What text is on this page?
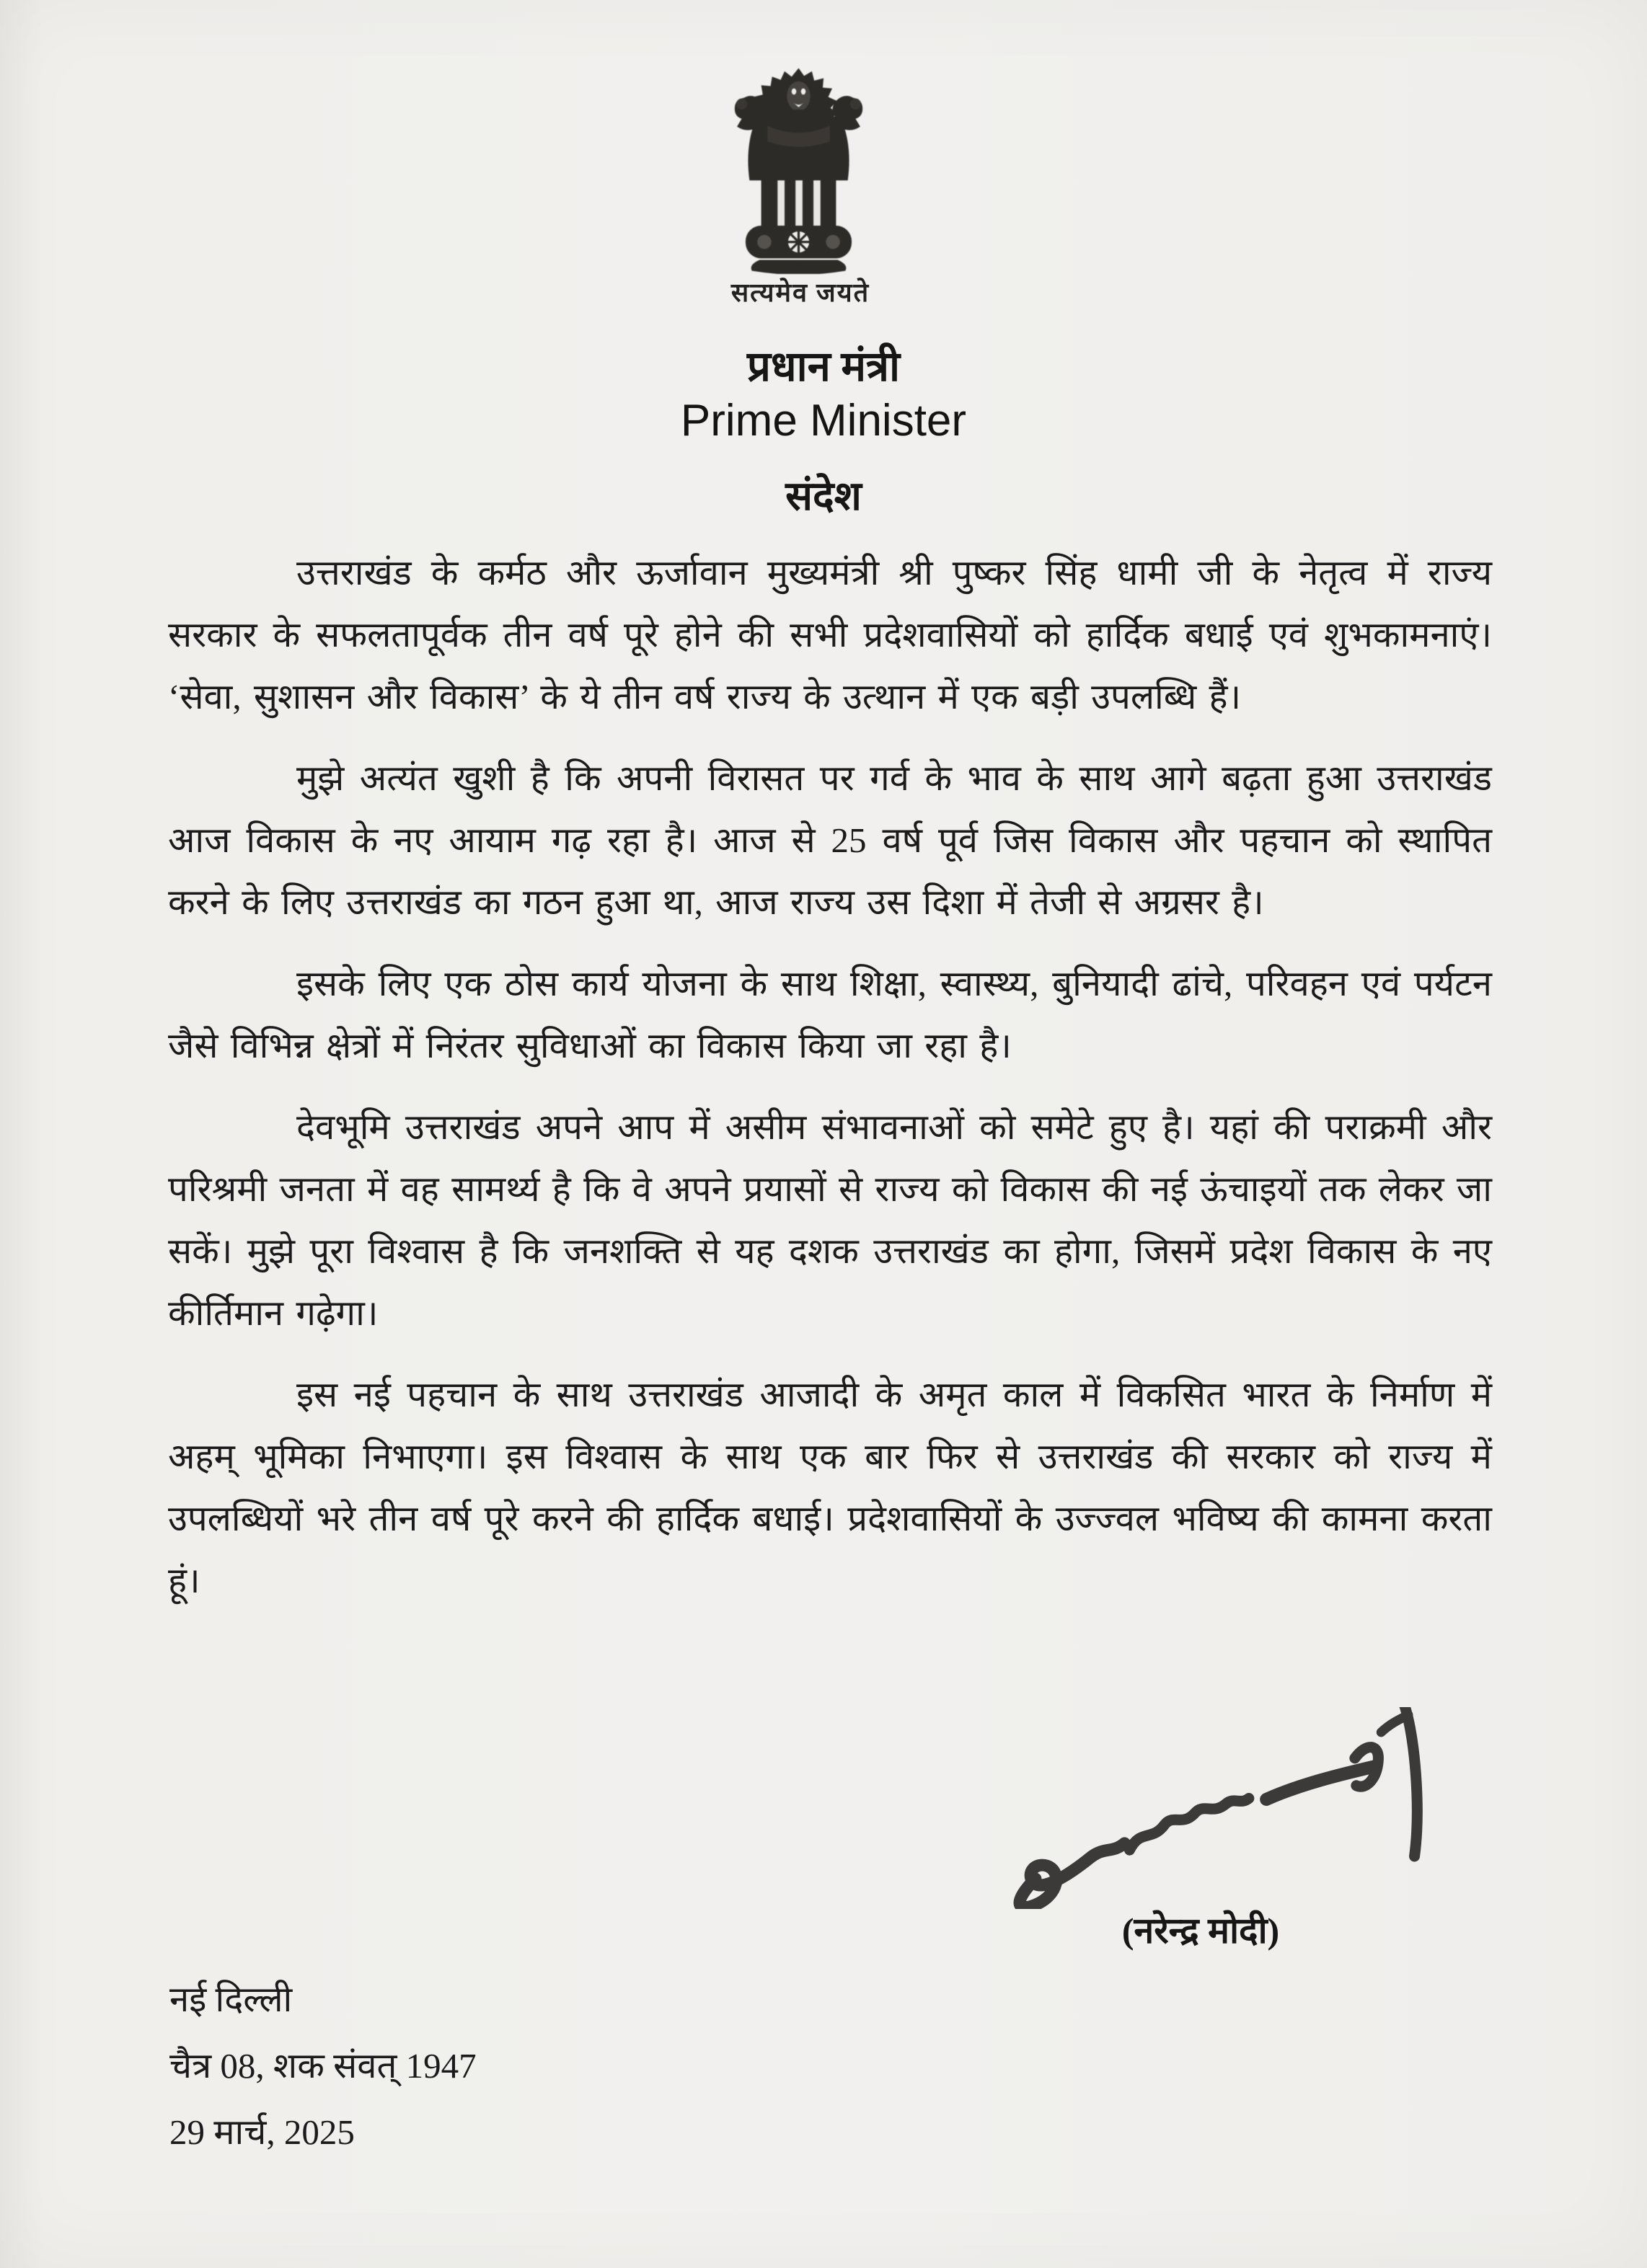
सत्यमेव जयते
प्रधान मंत्री
Prime Minister
संदेश

उत्तराखंड के कर्मठ और ऊर्जावान मुख्यमंत्री श्री पुष्कर सिंह धामी जी के नेतृत्व में राज्य सरकार के सफलतापूर्वक तीन वर्ष पूरे होने की सभी प्रदेशवासियों को हार्दिक बधाई एवं शुभकामनाएं। ‘सेवा, सुशासन और विकास’ के ये तीन वर्ष राज्य के उत्थान में एक बड़ी उपलब्धि हैं।

मुझे अत्यंत खुशी है कि अपनी विरासत पर गर्व के भाव के साथ आगे बढ़ता हुआ उत्तराखंड आज विकास के नए आयाम गढ़ रहा है। आज से 25 वर्ष पूर्व जिस विकास और पहचान को स्थापित करने के लिए उत्तराखंड का गठन हुआ था, आज राज्य उस दिशा में तेजी से अग्रसर है।

इसके लिए एक ठोस कार्य योजना के साथ शिक्षा, स्वास्थ्य, बुनियादी ढांचे, परिवहन एवं पर्यटन जैसे विभिन्न क्षेत्रों में निरंतर सुविधाओं का विकास किया जा रहा है।

देवभूमि उत्तराखंड अपने आप में असीम संभावनाओं को समेटे हुए है। यहां की पराक्रमी और परिश्रमी जनता में वह सामर्थ्य है कि वे अपने प्रयासों से राज्य को विकास की नई ऊंचाइयों तक लेकर जा सकें। मुझे पूरा विश्वास है कि जनशक्ति से यह दशक उत्तराखंड का होगा, जिसमें प्रदेश विकास के नए कीर्तिमान गढ़ेगा।

इस नई पहचान के साथ उत्तराखंड आजादी के अमृत काल में विकसित भारत के निर्माण में अहम् भूमिका निभाएगा। इस विश्वास के साथ एक बार फिर से उत्तराखंड की सरकार को राज्य में उपलब्धियों भरे तीन वर्ष पूरे करने की हार्दिक बधाई। प्रदेशवासियों के उज्ज्वल भविष्य की कामना करता हूं।

(नरेन्द्र मोदी)
नई दिल्ली
चैत्र 08, शक संवत् 1947
29 मार्च, 2025
